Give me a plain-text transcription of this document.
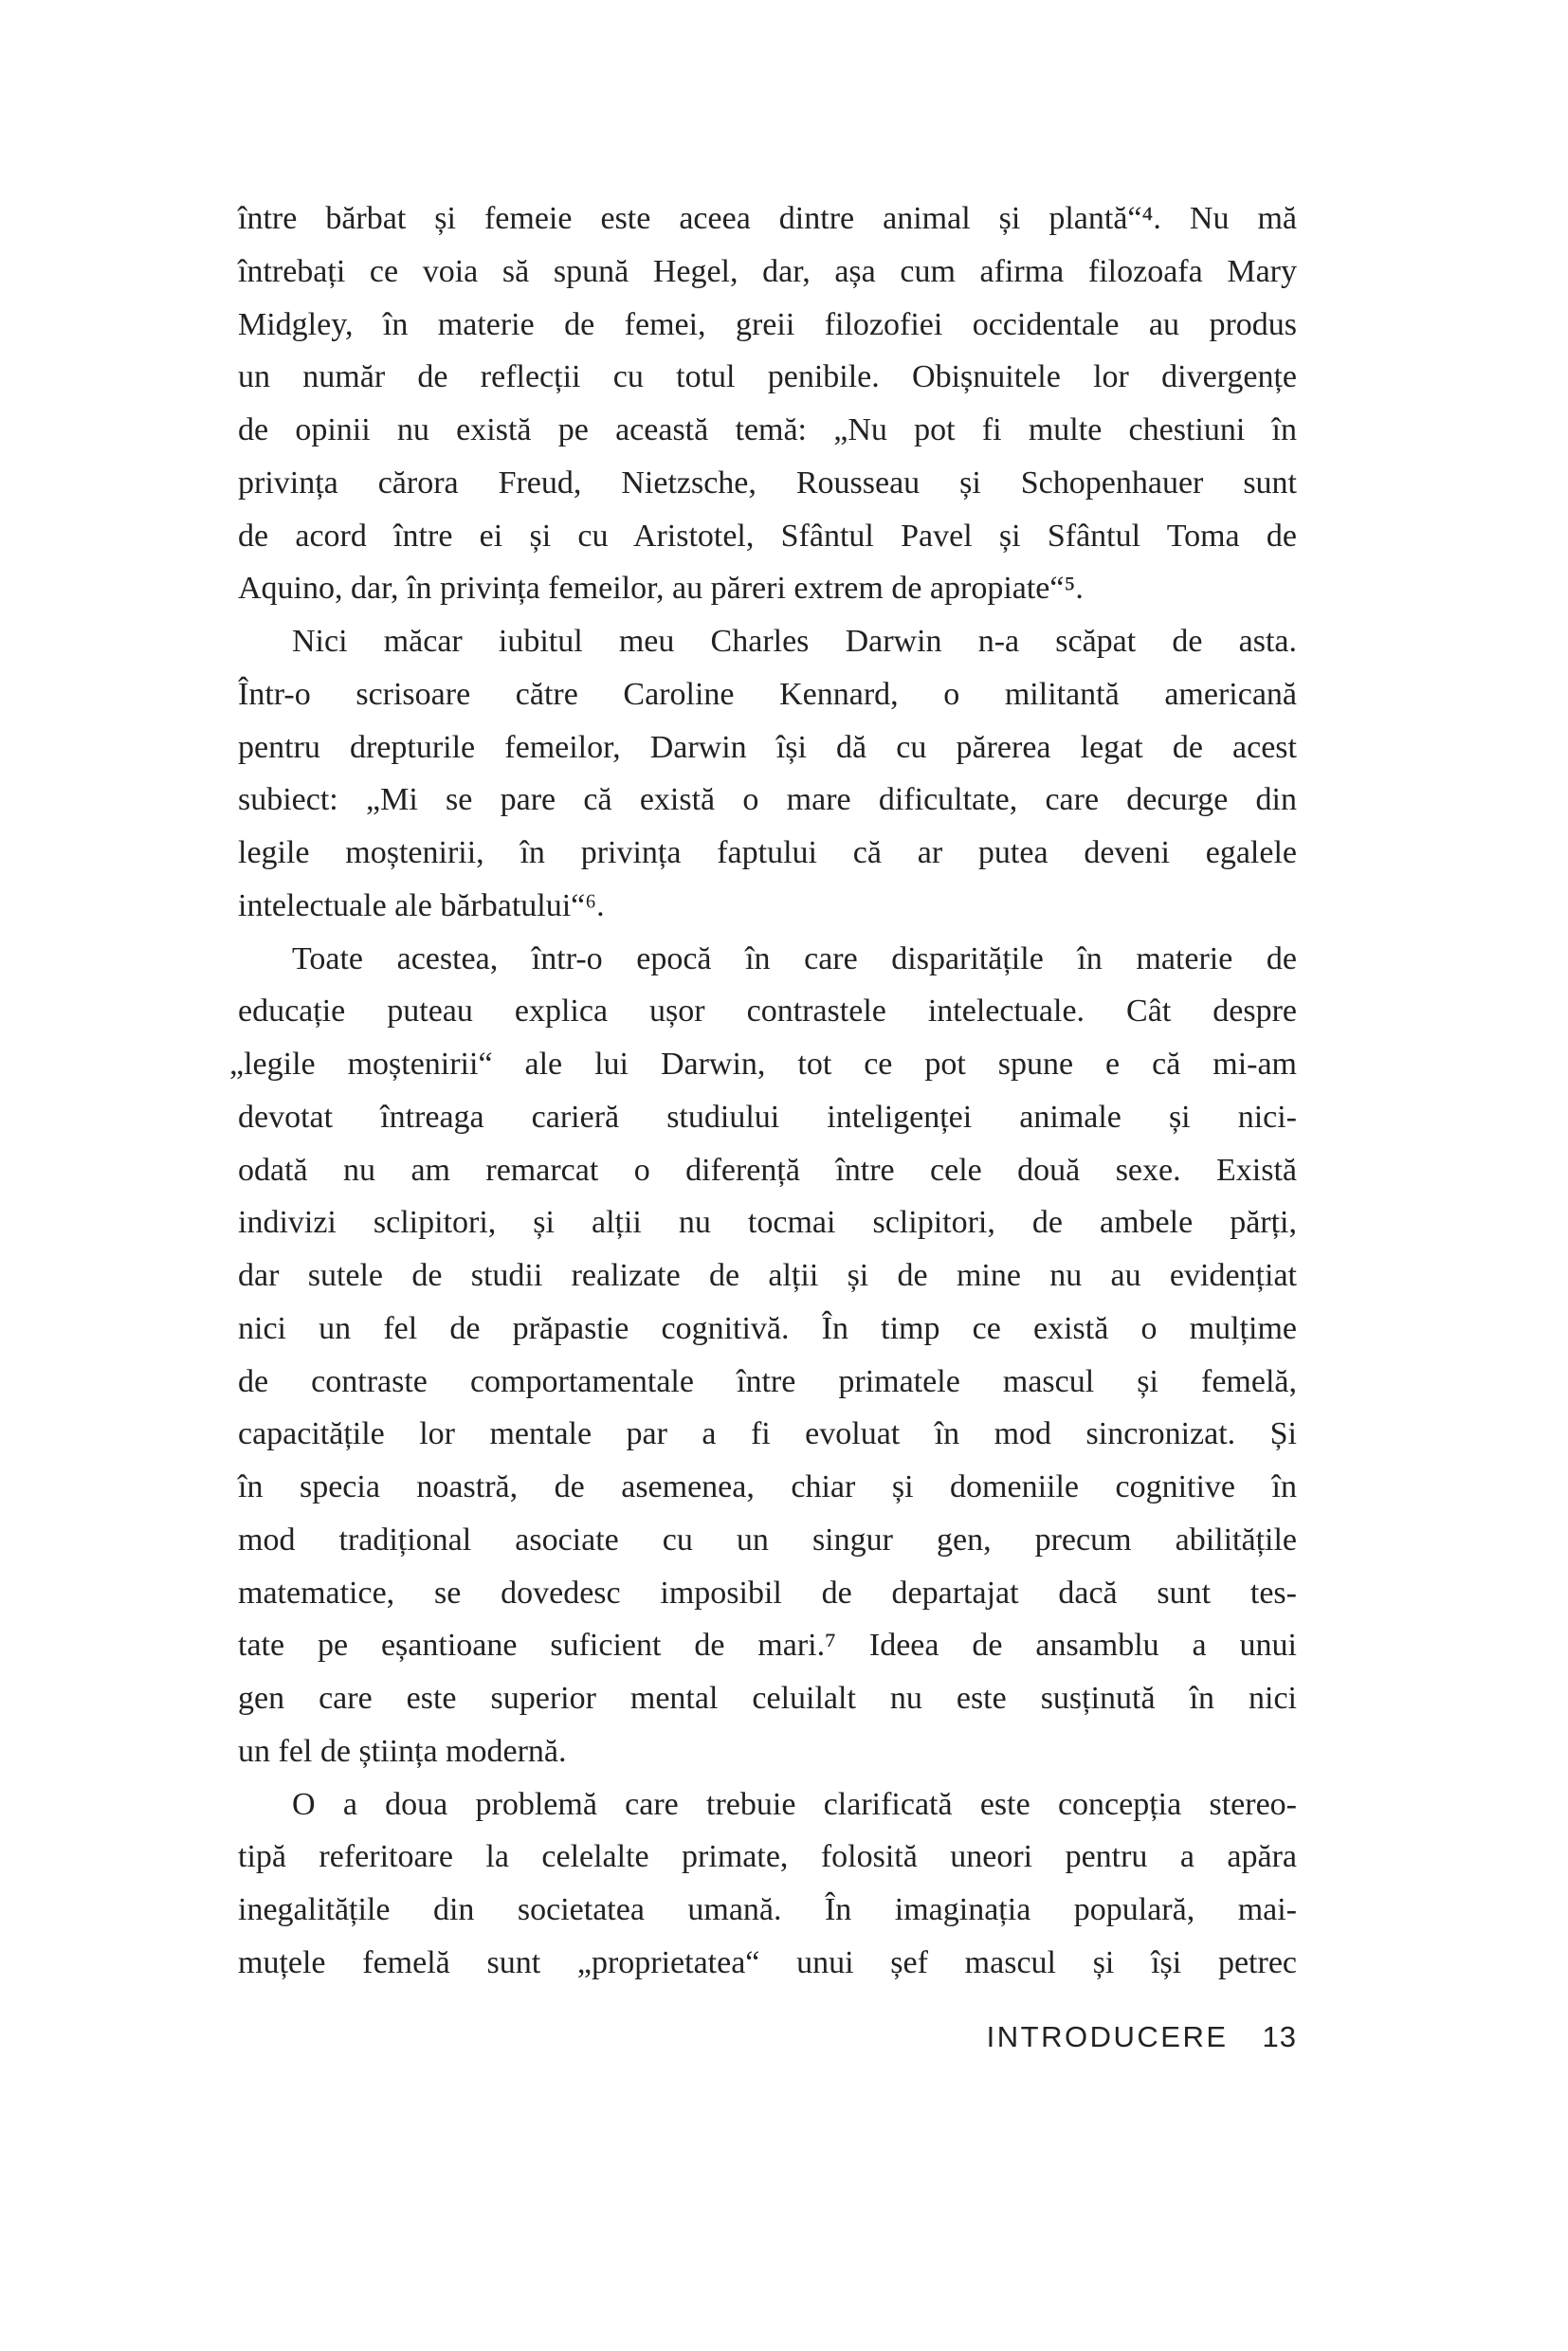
între bărbat și femeie este aceea dintre animal și plantă“⁴. Nu mă
întrebați ce voia să spună Hegel, dar, așa cum afirma filozoafa Mary
Midgley, în materie de femei, greii filozofiei occidentale au produs
un număr de reflecții cu totul penibile. Obișnuitele lor divergențe
de opinii nu există pe această temă: „Nu pot fi multe chestiuni în
privința cărora Freud, Nietzsche, Rousseau și Schopenhauer sunt
de acord între ei și cu Aristotel, Sfântul Pavel și Sfântul Toma de
Aquino, dar, în privința femeilor, au păreri extrem de apropiate“⁵.
Nici măcar iubitul meu Charles Darwin n-a scăpat de asta.
Într-o scrisoare către Caroline Kennard, o militantă americană
pentru drepturile femeilor, Darwin își dă cu părerea legat de acest
subiect: „Mi se pare că există o mare dificultate, care decurge din
legile moștenirii, în privința faptului că ar putea deveni egalele
intelectuale ale bărbatului“⁶.
Toate acestea, într-o epocă în care disparitățile în materie de
educație puteau explica ușor contrastele intelectuale. Cât despre
„legile moștenirii“ ale lui Darwin, tot ce pot spune e că mi-am
devotat întreaga carieră studiului inteligenței animale și nici-
odată nu am remarcat o diferență între cele două sexe. Există
indivizi sclipitori, și alții nu tocmai sclipitori, de ambele părți,
dar sutele de studii realizate de alții și de mine nu au evidențiat
nici un fel de prăpastie cognitivă. În timp ce există o mulțime
de contraste comportamentale între primatele mascul și femelă,
capacitățile lor mentale par a fi evoluat în mod sincronizat. Și
în specia noastră, de asemenea, chiar și domeniile cognitive în
mod tradițional asociate cu un singur gen, precum abilitățile
matematice, se dovedesc imposibil de departajat dacă sunt tes-
tate pe eșantioane suficient de mari.⁷ Ideea de ansamblu a unui
gen care este superior mental celuilalt nu este susținută în nici
un fel de știința modernă.
O a doua problemă care trebuie clarificată este concepția stereo-
tipă referitoare la celelalte primate, folosită uneori pentru a apăra
inegalitățile din societatea umană. În imaginația populară, mai-
muțele femelă sunt „proprietatea“ unui șef mascul și își petrec
INTRODUCERE 13
